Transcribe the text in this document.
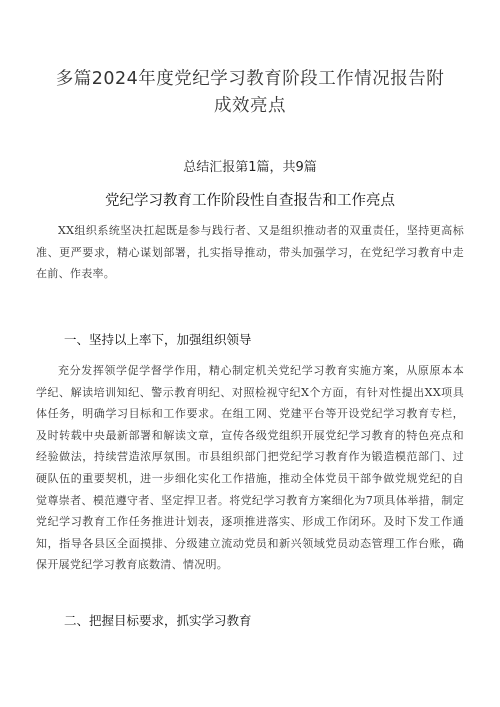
多篇2024年度党纪学习教育阶段工作情况报告附成效亮点
总结汇报第1篇，共9篇
党纪学习教育工作阶段性自查报告和工作亮点

XX组织系统坚决扛起既是参与践行者、又是组织推动者的双重责任，坚持更高标准、更严要求，精心谋划部署，扎实指导推动，带头加强学习，在党纪学习教育中走在前、作表率。

一、坚持以上率下，加强组织领导

充分发挥领学促学督学作用，精心制定机关党纪学习教育实施方案，从原原本本学纪、解读培训知纪、警示教育明纪、对照检视守纪X个方面，有针对性提出XX项具体任务，明确学习目标和工作要求。在组工网、党建平台等开设党纪学习教育专栏，及时转载中央最新部署和解读文章，宣传各级党组织开展党纪学习教育的特色亮点和经验做法，持续营造浓厚氛围。市县组织部门把党纪学习教育作为锻造模范部门、过硬队伍的重要契机，进一步细化实化工作措施，推动全体党员干部争做党规党纪的自觉尊崇者、模范遵守者、坚定捍卫者。将党纪学习教育方案细化为7项具体举措，制定党纪学习教育工作任务推进计划表，逐项推进落实、形成工作闭环。及时下发工作通知，指导各县区全面摸排、分级建立流动党员和新兴领域党员动态管理工作台账，确保开展党纪学习教育底数清、情况明。

二、把握目标要求，抓实学习教育
